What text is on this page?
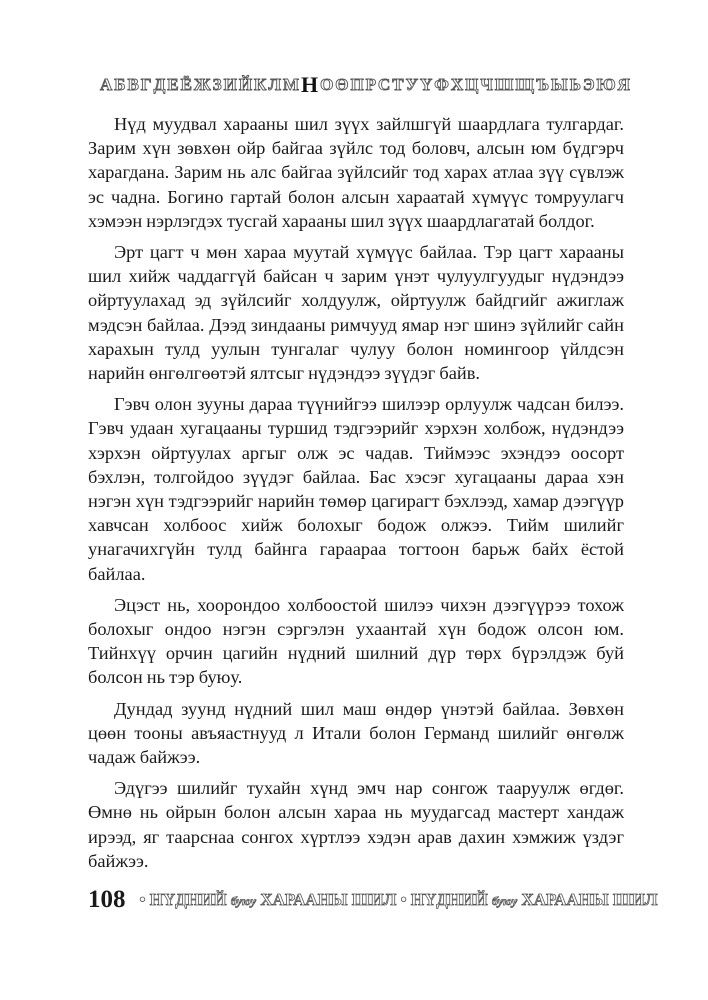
А Б В Г Д Е Ё Ж З И Й К Л М Н О Ө П Р С Т У Ү Ф Х Ц Ч Ш Щ Ъ Ы Ь Э Ю Я

Нүд муудвал харааны шил зүүх зайлшгүй шаардлага тулгардаг. Зарим хүн зөвхөн ойр байгаа зүйлс тод боловч, алсын юм бүдгэрч харагдана. Зарим нь алс байгаа зүйлсийг тод харах атлаа зүү сүвлэж эс чадна. Богино гартай болон алсын хараатай хүмүүс томруулагч хэмээн нэрлэгдэх тусгай харааны шил зүүх шаардлагатай болдог.

Эрт цагт ч мөн хараа муутай хүмүүс байлаа. Тэр цагт харааны шил хийж чаддаггүй байсан ч зарим үнэт чулуулгуудыг нүдэндээ ойртуулахад эд зүйлсийг холдуулж, ойртуулж байдгийг ажиглаж мэдсэн байлаа. Дээд зиндааны римчууд ямар нэг шинэ зүйлийг сайн харахын тулд уулын тунгалаг чулуу болон номингоор үйлдсэн нарийн өнгөлгөөтэй ялтсыг нүдэндээ зүүдэг байв.

Гэвч олон зууны дараа түүнийгээ шилээр орлуулж чадсан билээ. Гэвч удаан хугацааны туршид тэдгээрийг хэрхэн холбож, нүдэндээ хэрхэн ойртуулах аргыг олж эс чадав. Тиймээс эхэндээ оосорт бэхлэн, толгойдоо зүүдэг байлаа. Бас хэсэг хугацааны дараа хэн нэгэн хүн тэдгээрийг нарийн төмөр цагирагт бэхлээд, хамар дээгүүр хавчсан холбоос хийж болохыг бодож олжээ. Тийм шилийг унагачихгүйн тулд байнга гараараа тогтоон барьж байх ёстой байлаа.

Эцэст нь, хоорондоо холбоостой шилээ чихэн дээгүүрээ тохож болохыг ондоо нэгэн сэргэлэн ухаантай хүн бодож олсон юм. Тийнхүү орчин цагийн нүдний шилний дүр төрх бүрэлдэж буй болсон нь тэр буюу.

Дундад зуунд нүдний шил маш өндөр үнэтэй байлаа. Зөвхөн цөөн тооны авъяастнууд л Итали болон Германд шилийг өнгөлж чадаж байжээ.

Эдүгээ шилийг тухайн хүнд эмч нар сонгож тааруулж өгдөг. Өмнө нь ойрын болон алсын хараа нь муудагсад мастерт хандаж ирээд, яг таарснаа сонгох хүртлээ хэдэн арав дахин хэмжиж үздэг байжээ.

108 • НҮДНИЙ буюу ХАРААНЫ ШИЛ • НҮДНИЙ буюу ХАРААНЫ ШИЛ
